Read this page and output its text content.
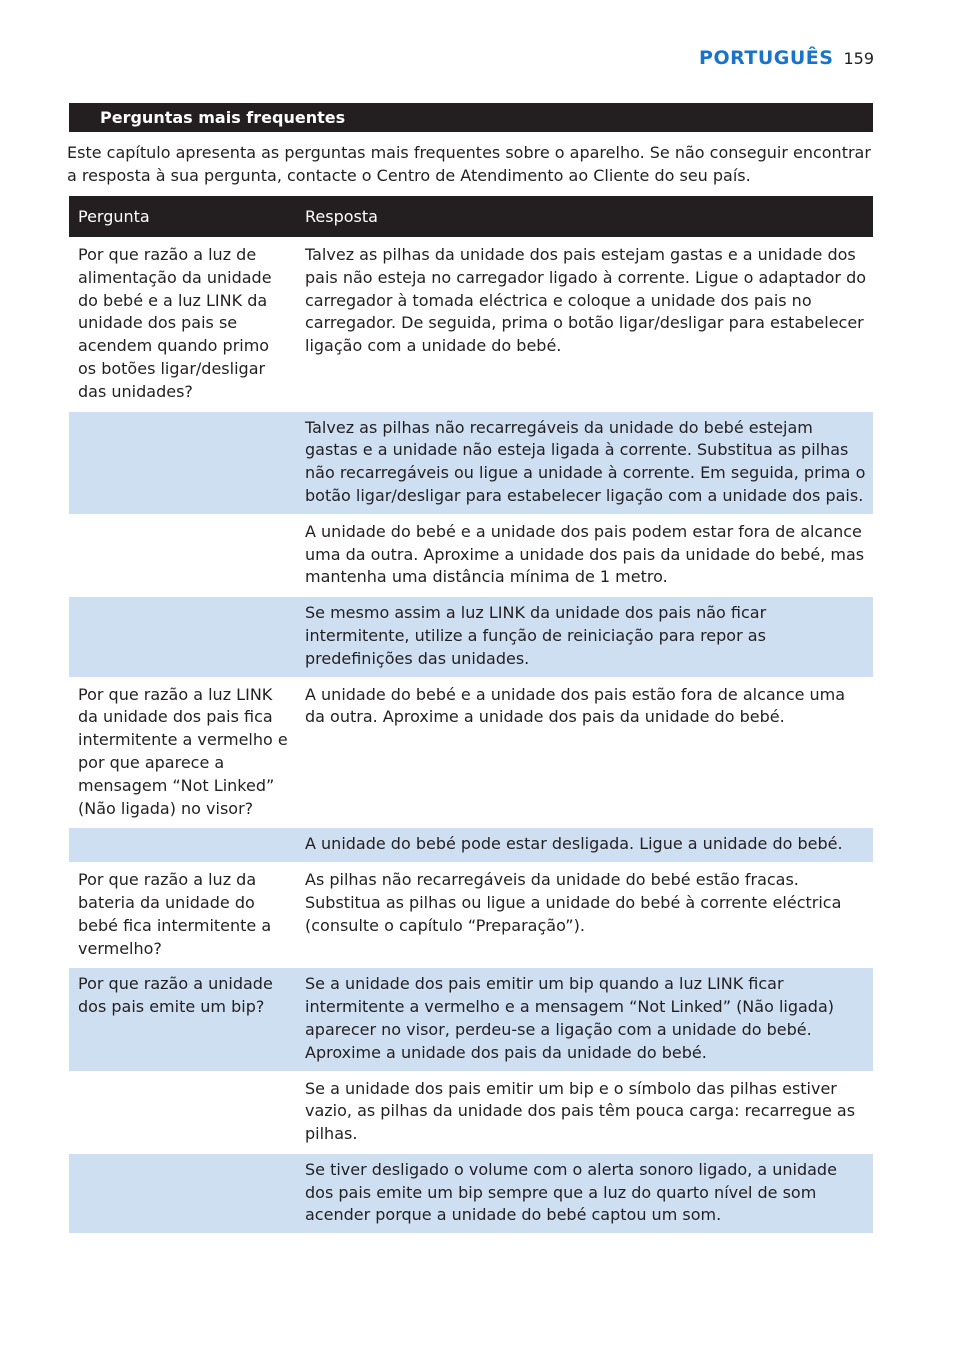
PORTUGUÊS 159
Perguntas mais frequentes

Este capítulo apresenta as perguntas mais frequentes sobre o aparelho. Se não conseguir encontrar a resposta à sua pergunta, contacte o Centro de Atendimento ao Cliente do seu país.

Pergunta	Resposta
Por que razão a luz de alimentação da unidade do bebé e a luz LINK da unidade dos pais se acendem quando primo os botões ligar/desligar das unidades?	Talvez as pilhas da unidade dos pais estejam gastas e a unidade dos pais não esteja no carregador ligado à corrente. Ligue o adaptador do carregador à tomada eléctrica e coloque a unidade dos pais no carregador. De seguida, prima o botão ligar/desligar para estabelecer ligação com a unidade do bebé.
	Talvez as pilhas não recarregáveis da unidade do bebé estejam gastas e a unidade não esteja ligada à corrente. Substitua as pilhas não recarregáveis ou ligue a unidade à corrente. Em seguida, prima o botão ligar/desligar para estabelecer ligação com a unidade dos pais.
	A unidade do bebé e a unidade dos pais podem estar fora de alcance uma da outra. Aproxime a unidade dos pais da unidade do bebé, mas mantenha uma distância mínima de 1 metro.
	Se mesmo assim a luz LINK da unidade dos pais não ficar intermitente, utilize a função de reiniciação para repor as predefinições das unidades.
Por que razão a luz LINK da unidade dos pais fica intermitente a vermelho e por que aparece a mensagem “Not Linked” (Não ligada) no visor?	A unidade do bebé e a unidade dos pais estão fora de alcance uma da outra. Aproxime a unidade dos pais da unidade do bebé.
	A unidade do bebé pode estar desligada. Ligue a unidade do bebé.
Por que razão a luz da bateria da unidade do bebé fica intermitente a vermelho?	As pilhas não recarregáveis da unidade do bebé estão fracas. Substitua as pilhas ou ligue a unidade do bebé à corrente eléctrica (consulte o capítulo “Preparação”).
Por que razão a unidade dos pais emite um bip?	Se a unidade dos pais emitir um bip quando a luz LINK ficar intermitente a vermelho e a mensagem “Not Linked” (Não ligada) aparecer no visor, perdeu-se a ligação com a unidade do bebé. Aproxime a unidade dos pais da unidade do bebé.
	Se a unidade dos pais emitir um bip e o símbolo das pilhas estiver vazio, as pilhas da unidade dos pais têm pouca carga: recarregue as pilhas.
	Se tiver desligado o volume com o alerta sonoro ligado, a unidade dos pais emite um bip sempre que a luz do quarto nível de som acender porque a unidade do bebé captou um som.
